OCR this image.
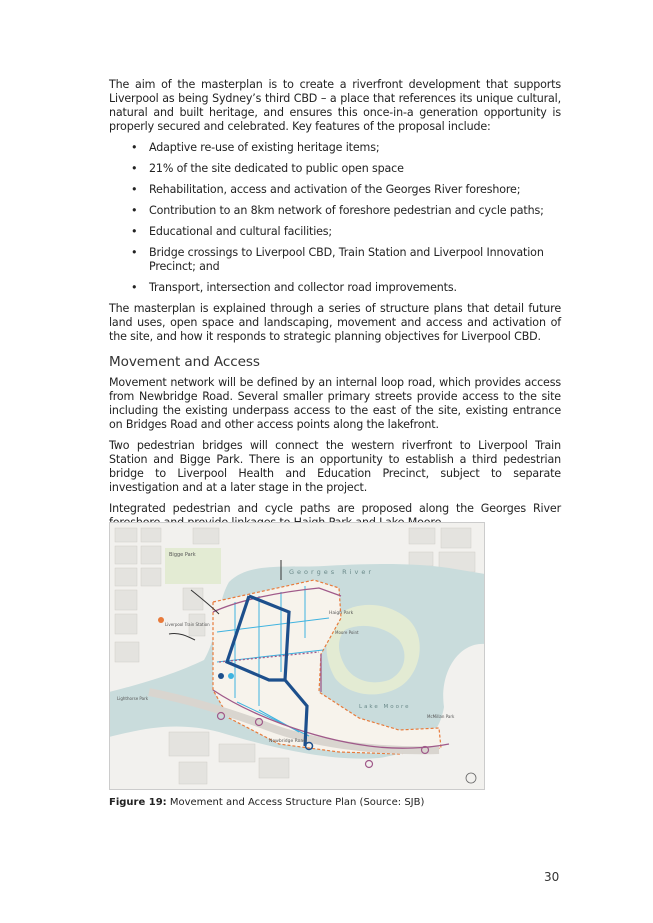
The aim of the masterplan is to create a riverfront development that supports Liverpool as being Sydney’s third CBD – a place that references its unique cultural, natural and built heritage, and ensures this once-in-a generation opportunity is properly secured and celebrated. Key features of the proposal include:

• Adaptive re-use of existing heritage items;
• 21% of the site dedicated to public open space
• Rehabilitation, access and activation of the Georges River foreshore;
• Contribution to an 8km network of foreshore pedestrian and cycle paths;
• Educational and cultural facilities;
• Bridge crossings to Liverpool CBD, Train Station and Liverpool Innovation Precinct; and
• Transport, intersection and collector road improvements.

The masterplan is explained through a series of structure plans that detail future land uses, open space and landscaping, movement and access and activation of the site, and how it responds to strategic planning objectives for Liverpool CBD.

Movement and Access

Movement network will be defined by an internal loop road, which provides access from Newbridge Road. Several smaller primary streets provide access to the site including the existing underpass access to the east of the site, existing entrance on Bridges Road and other access points along the lakefront.

Two pedestrian bridges will connect the western riverfront to Liverpool Train Station and Bigge Park. There is an opportunity to establish a third pedestrian bridge to Liverpool Health and Education Precinct, subject to separate investigation and at a later stage in the project.

Integrated pedestrian and cycle paths are proposed along the Georges River

Bigge Park
Georges River
Haigh Park
Liverpool Train Station
Lake Moore
Lighthorse Park
Newbridge Road
McMillan Park
Moore Point
Figure 19: Movement and Access Structure Plan (Source: SJB)
30
